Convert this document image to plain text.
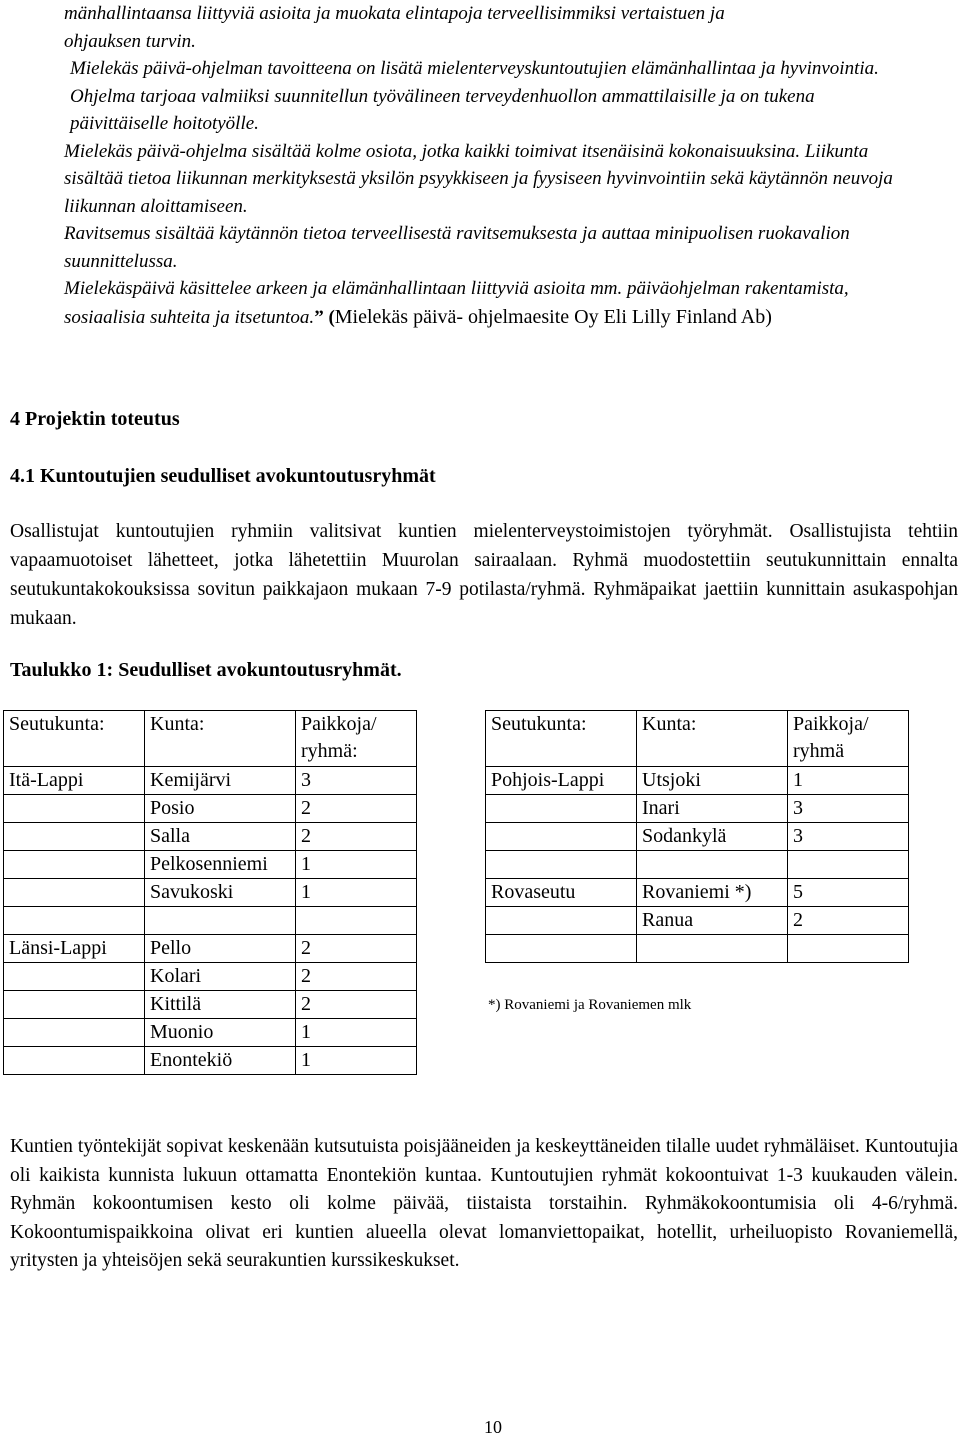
mänhallintaansa liittyviä asioita ja muokata elintapoja terveellisimmiksi vertaistuen ja

ohjauksen turvin.

Mielekäs päivä-ohjelman tavoitteena on lisätä mielenterveyskuntoutujien elämänhallintaa ja hyvinvointia. Ohjelma tarjoaa valmiiksi suunnitellun työvälineen terveydenhuollon ammattilaisille ja on tukena päivittäiselle hoitotyölle.

Mielekäs päivä-ohjelma sisältää kolme osiota, jotka kaikki toimivat itsenäisinä kokonaisuuksina. Liikunta sisältää tietoa liikunnan merkityksestä yksilön psyykkiseen ja fyysiseen hyvinvointiin sekä käytännön neuvoja liikunnan aloittamiseen.

Ravitsemus sisältää käytännön tietoa terveellisestä ravitsemuksesta ja auttaa minipuolisen ruokavalion suunnittelussa.

Mielekäspäivä käsittelee arkeen ja elämänhallintaan liittyviä asioita mm. päiväohjelman rakentamista, sosiaalisia suhteita ja itsetuntoa.” (Mielekäs päivä- ohjelmaesite Oy Eli Lilly Finland Ab)

4 Projektin toteutus
4.1 Kuntoutujien seudulliset avokuntoutusryhmät

Osallistujat kuntoutujien ryhmiin valitsivat kuntien mielenterveystoimistojen työryhmät. Osallistujista tehtiin vapaamuotoiset lähetteet, jotka lähetettiin Muurolan sairaalaan. Ryhmä muodostettiin seutukunnittain ennalta seutukuntakokouksissa sovitun paikkajaon mukaan 7-9 potilasta/ryhmä. Ryhmäpaikat jaettiin kunnittain asukaspohjan mukaan.

Taulukko 1: Seudulliset avokuntoutusryhmät.

Seutukunta:	Kunta:	Paikkoja/ ryhmä:
Itä-Lappi	Kemijärvi	3
	Posio	2
	Salla	2
	Pelkosenniemi	1
	Savukoski	1

Länsi-Lappi	Pello	2
	Kolari	2
	Kittilä	2
	Muonio	1
	Enontekiö	1
Seutukunta:	Kunta:	Paikkoja/ ryhmä
Pohjois-Lappi	Utsjoki	1
	Inari	3
	Sodankylä	3

Rovaseutu	Rovaniemi *)	5
	Ranua	2

*) Rovaniemi ja Rovaniemen mlk

Kuntien työntekijät sopivat keskenään kutsutuista poisjääneiden ja keskeyttäneiden tilalle uudet ryhmäläiset. Kuntoutujia oli kaikista kunnista lukuun ottamatta Enontekiön kuntaa. Kuntoutujien ryhmät kokoontuivat 1-3 kuukauden välein. Ryhmän kokoontumisen kesto oli kolme päivää, tiistaista torstaihin. Ryhmäkokoontumisia oli 4-6/ryhmä. Kokoontumispaikkoina olivat eri kuntien alueella olevat lomanviettopaikat, hotellit, urheiluopisto Rovaniemellä, yritysten ja yhteisöjen sekä seurakuntien kurssikeskukset.

10
